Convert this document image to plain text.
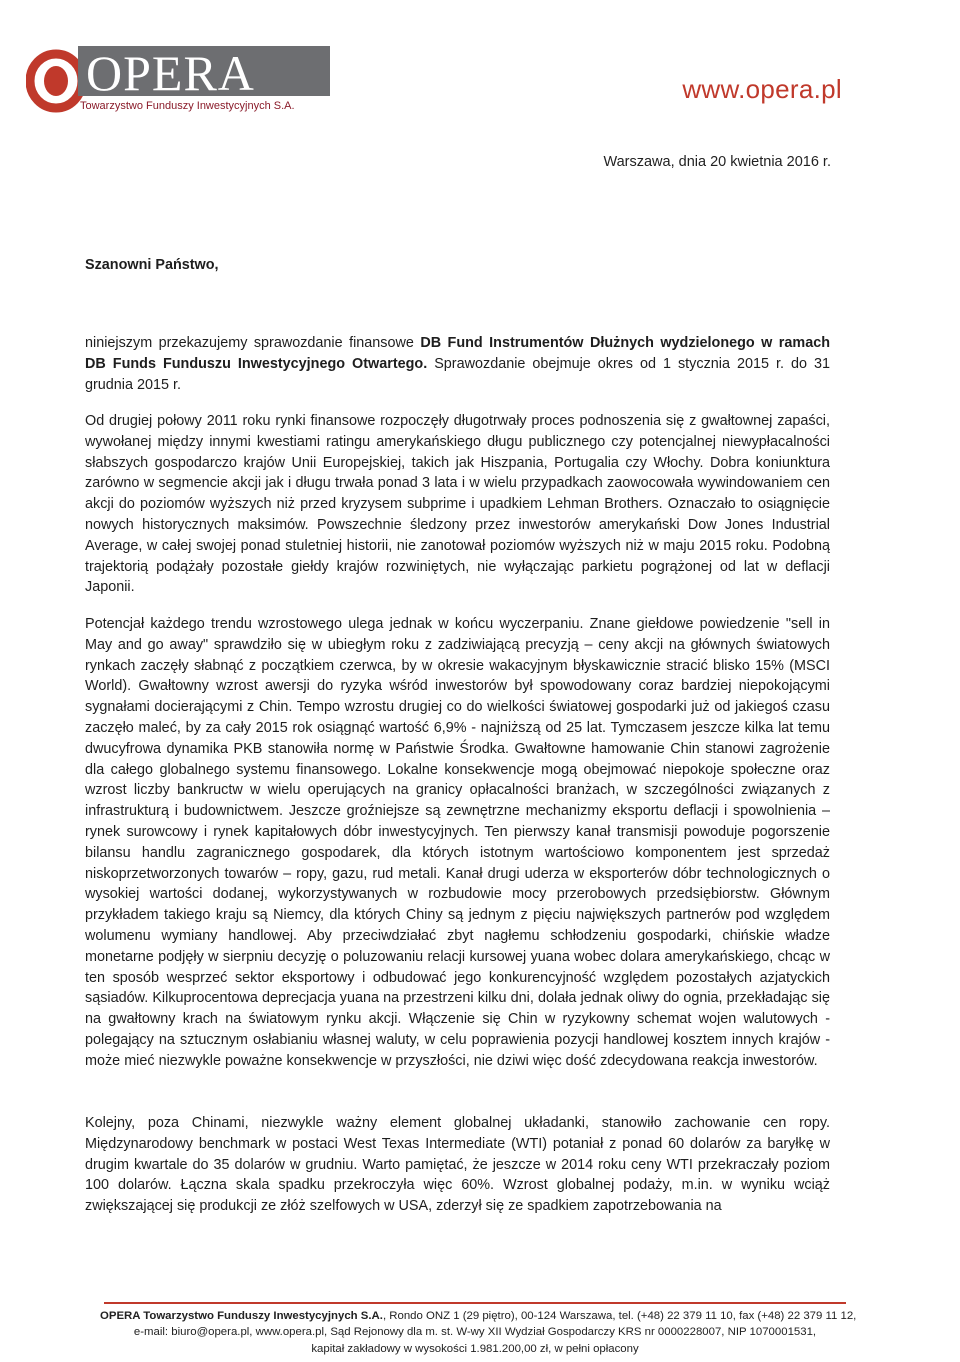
OPERA
Towarzystwo Funduszy Inwestycyjnych S.A.
www.opera.pl
Warszawa, dnia 20 kwietnia 2016 r.
Szanowni Państwo,
niniejszym przekazujemy sprawozdanie finansowe DB Fund Instrumentów Dłużnych wydzielonego w ramach DB Funds Funduszu Inwestycyjnego Otwartego. Sprawozdanie obejmuje okres od 1 stycznia 2015 r. do 31 grudnia 2015 r.
Od drugiej połowy 2011 roku rynki finansowe rozpoczęły długotrwały proces podnoszenia się z gwałtownej zapaści, wywołanej między innymi kwestiami ratingu amerykańskiego długu publicznego czy potencjalnej niewypłacalności słabszych gospodarczo krajów Unii Europejskiej, takich jak Hiszpania, Portugalia czy Włochy. Dobra koniunktura zarówno w segmencie akcji jak i długu trwała ponad 3 lata i w wielu przypadkach zaowocowała wywindowaniem cen akcji do poziomów wyższych niż przed kryzysem subprime i upadkiem Lehman Brothers. Oznaczało to osiągnięcie nowych historycznych maksimów. Powszechnie śledzony przez inwestorów amerykański Dow Jones Industrial Average, w całej swojej ponad stuletniej historii, nie zanotował poziomów wyższych niż w maju 2015 roku. Podobną trajektorią podążały pozostałe giełdy krajów rozwiniętych, nie wyłączając parkietu pogrążonej od lat w deflacji Japonii.
Potencjał każdego trendu wzrostowego ulega jednak w końcu wyczerpaniu. Znane giełdowe powiedzenie "sell in May and go away" sprawdziło się w ubiegłym roku z zadziwiającą precyzją – ceny akcji na głównych światowych rynkach zaczęły słabnąć z początkiem czerwca, by w okresie wakacyjnym błyskawicznie stracić blisko 15% (MSCI World). Gwałtowny wzrost awersji do ryzyka wśród inwestorów był spowodowany coraz bardziej niepokojącymi sygnałami docierającymi z Chin. Tempo wzrostu drugiej co do wielkości światowej gospodarki już od jakiegoś czasu zaczęło maleć, by za cały 2015 rok osiągnąć wartość 6,9% - najniższą od 25 lat. Tymczasem jeszcze kilka lat temu dwucyfrowa dynamika PKB stanowiła normę w Państwie Środka. Gwałtowne hamowanie Chin stanowi zagrożenie dla całego globalnego systemu finansowego. Lokalne konsekwencje mogą obejmować niepokoje społeczne oraz wzrost liczby bankructw w wielu operujących na granicy opłacalności branżach, w szczególności związanych z infrastrukturą i budownictwem. Jeszcze groźniejsze są zewnętrzne mechanizmy eksportu deflacji i spowolnienia – rynek surowcowy i rynek kapitałowych dóbr inwestycyjnych. Ten pierwszy kanał transmisji powoduje pogorszenie bilansu handlu zagranicznego gospodarek, dla których istotnym wartościowo komponentem jest sprzedaż niskoprzetworzonych towarów – ropy, gazu, rud metali. Kanał drugi uderza w eksporterów dóbr technologicznych o wysokiej wartości dodanej, wykorzystywanych w rozbudowie mocy przerobowych przedsiębiorstw. Głównym przykładem takiego kraju są Niemcy, dla których Chiny są jednym z pięciu największych partnerów pod względem wolumenu wymiany handlowej. Aby przeciwdziałać zbyt nagłemu schłodzeniu gospodarki, chińskie władze monetarne podjęły w sierpniu decyzję o poluzowaniu relacji kursowej yuana wobec dolara amerykańskiego, chcąc w ten sposób wesprzeć sektor eksportowy i odbudować jego konkurencyjność względem pozostałych azjatyckich sąsiadów. Kilkuprocentowa deprecjacja yuana na przestrzeni kilku dni, dolała jednak oliwy do ognia, przekładając się na gwałtowny krach na światowym rynku akcji. Włączenie się Chin w ryzykowny schemat wojen walutowych - polegający na sztucznym osłabianiu własnej waluty, w celu poprawienia pozycji handlowej kosztem innych krajów - może mieć niezwykle poważne konsekwencje w przyszłości, nie dziwi więc dość zdecydowana reakcja inwestorów.
Kolejny, poza Chinami, niezwykle ważny element globalnej układanki, stanowiło zachowanie cen ropy. Międzynarodowy benchmark w postaci West Texas Intermediate (WTI) potaniał z ponad 60 dolarów za baryłkę w drugim kwartale do 35 dolarów w grudniu. Warto pamiętać, że jeszcze w 2014 roku ceny WTI przekraczały poziom 100 dolarów. Łączna skala spadku przekroczyła więc 60%. Wzrost globalnej podaży, m.in. w wyniku wciąż zwiększającej się produkcji ze złóż szelfowych w USA, zderzył się ze spadkiem zapotrzebowania na
OPERA Towarzystwo Funduszy Inwestycyjnych S.A., Rondo ONZ 1 (29 piętro), 00-124 Warszawa, tel. (+48) 22 379 11 10, fax (+48) 22 379 11 12,
e-mail: biuro@opera.pl, www.opera.pl, Sąd Rejonowy dla m. st. W-wy XII Wydział Gospodarczy KRS nr 0000228007, NIP 1070001531,
kapitał zakładowy w wysokości 1.981.200,00 zł, w pełni opłacony
